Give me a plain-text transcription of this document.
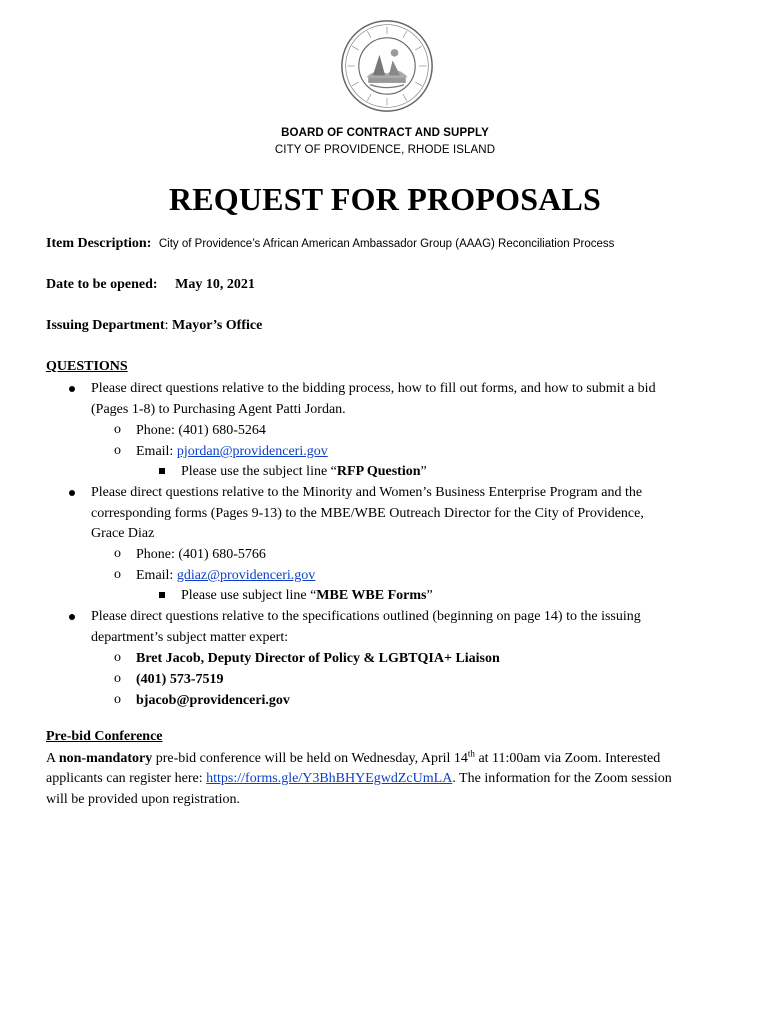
BOARD OF CONTRACT AND SUPPLY
CITY OF PROVIDENCE, RHODE ISLAND
REQUEST FOR PROPOSALS
Item Description: City of Providence’s African American Ambassador Group (AAAG) Reconciliation Process
Date to be opened: May 10, 2021
Issuing Department: Mayor’s Office
QUESTIONS
Please direct questions relative to the bidding process, how to fill out forms, and how to submit a bid
(Pages 1-8) to Purchasing Agent Patti Jordan.
o Phone: (401) 680-5264
o Email: pjordan@providenceri.gov
Please use the subject line “RFP Question”
Please direct questions relative to the Minority and Women’s Business Enterprise Program and the
corresponding forms (Pages 9-13) to the MBE/WBE Outreach Director for the City of Providence,
Grace Diaz
o Phone: (401) 680-5766
o Email: gdiaz@providenceri.gov
Please use subject line “MBE WBE Forms”
Please direct questions relative to the specifications outlined (beginning on page 14) to the issuing
department’s subject matter expert:
o Bret Jacob, Deputy Director of Policy & LGBTQIA+ Liaison
o (401) 573-7519
o bjacob@providenceri.gov
Pre-bid Conference
A non-mandatory pre-bid conference will be held on Wednesday, April 14th at 11:00am via Zoom. Interested
applicants can register here: https://forms.gle/Y3BhBHYEgwdZcUmLA. The information for the Zoom session
will be provided upon registration.
